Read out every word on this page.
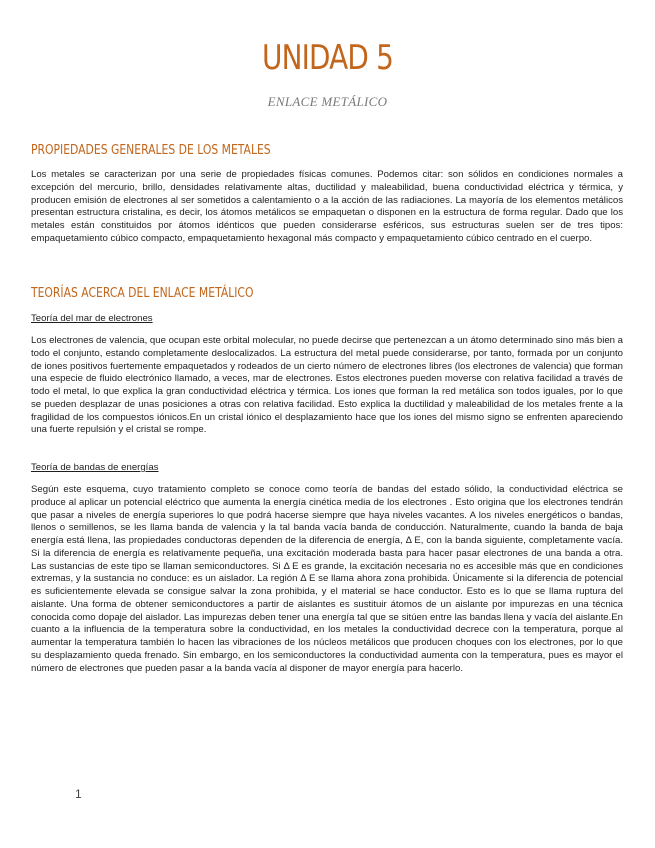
UNIDAD 5
ENLACE METÁLICO
PROPIEDADES GENERALES DE LOS METALES

Los metales se caracterizan por una serie de propiedades físicas comunes. Podemos citar: son sólidos en condiciones normales a excepción del mercurio, brillo, densidades relativamente altas, ductilidad y maleabilidad, buena conductividad eléctrica y térmica, y producen emisión de electrones al ser sometidos a calentamiento o a la acción de las radiaciones. La mayoría de los elementos metálicos presentan estructura cristalina, es decir, los átomos metálicos se empaquetan o disponen en la estructura de forma regular. Dado que los metales están constituidos por átomos idénticos que pueden considerarse esféricos, sus estructuras suelen ser de tres tipos: empaquetamiento cúbico compacto, empaquetamiento hexagonal más compacto y empaquetamiento cúbico centrado en el cuerpo.

TEORÍAS ACERCA DEL ENLACE METÁLICO
Teoría del mar de electrones

Los electrones de valencia, que ocupan este orbital molecular, no puede decirse que pertenezcan a un átomo determinado sino más bien a todo el conjunto, estando completamente deslocalizados. La estructura del metal puede considerarse, por tanto, formada por un conjunto de iones positivos fuertemente empaquetados y rodeados de un cierto número de electrones libres (los electrones de valencia) que forman una especie de fluido electrónico llamado, a veces, mar de electrones. Estos electrones pueden moverse con relativa facilidad a través de todo el metal, lo que explica la gran conductividad eléctrica y térmica. Los iones que forman la red metálica son todos iguales, por lo que se pueden desplazar de unas posiciones a otras con relativa facilidad. Esto explica la ductilidad y maleabilidad de los metales frente a la fragilidad de los compuestos iónicos.En un cristal iónico el desplazamiento hace que los iones del mismo signo se enfrenten apareciendo una fuerte repulsión y el cristal se rompe.

Teoría de bandas de energías

Según este esquema, cuyo tratamiento completo se conoce como teoría de bandas del estado sólido, la conductividad eléctrica se produce al aplicar un potencial eléctrico que aumenta la energía cinética media de los electrones . Esto origina que los electrones tendrán que pasar a niveles de energía superiores lo que podrá hacerse siempre que haya niveles vacantes. A los niveles energéticos o bandas, llenos o semillenos, se les llama banda de valencia y la tal banda vacía banda de conducción. Naturalmente, cuando la banda de baja energía está llena, las propiedades conductoras dependen de la diferencia de energía, Δ E, con la banda siguiente, completamente vacía. Si la diferencia de energía es relativamente pequeña, una excitación moderada basta para hacer pasar electrones de una banda a otra. Las sustancias de este tipo se llaman semiconductores. Si Δ E es grande, la excitación necesaria no es accesible más que en condiciones extremas, y la sustancia no conduce: es un aislador. La región Δ E se llama ahora zona prohibida. Únicamente si la diferencia de potencial es suficientemente elevada se consigue salvar la zona prohibida, y el material se hace conductor. Esto es lo que se llama ruptura del aislante. Una forma de obtener semiconductores a partir de aislantes es sustituir átomos de un aislante por impurezas en una técnica conocida como dopaje del aislador. Las impurezas deben tener una energía tal que se sitúen entre las bandas llena y vacía del aislante.En cuanto a la influencia de la temperatura sobre la conductividad, en los metales la conductividad decrece con la temperatura, porque al aumentar la temperatura también lo hacen las vibraciones de los núcleos metálicos que producen choques con los electrones, por lo que su desplazamiento queda frenado. Sin embargo, en los semiconductores la conductividad aumenta con la temperatura, pues es mayor el número de electrones que pueden pasar a la banda vacía al disponer de mayor energía para hacerlo.

1
